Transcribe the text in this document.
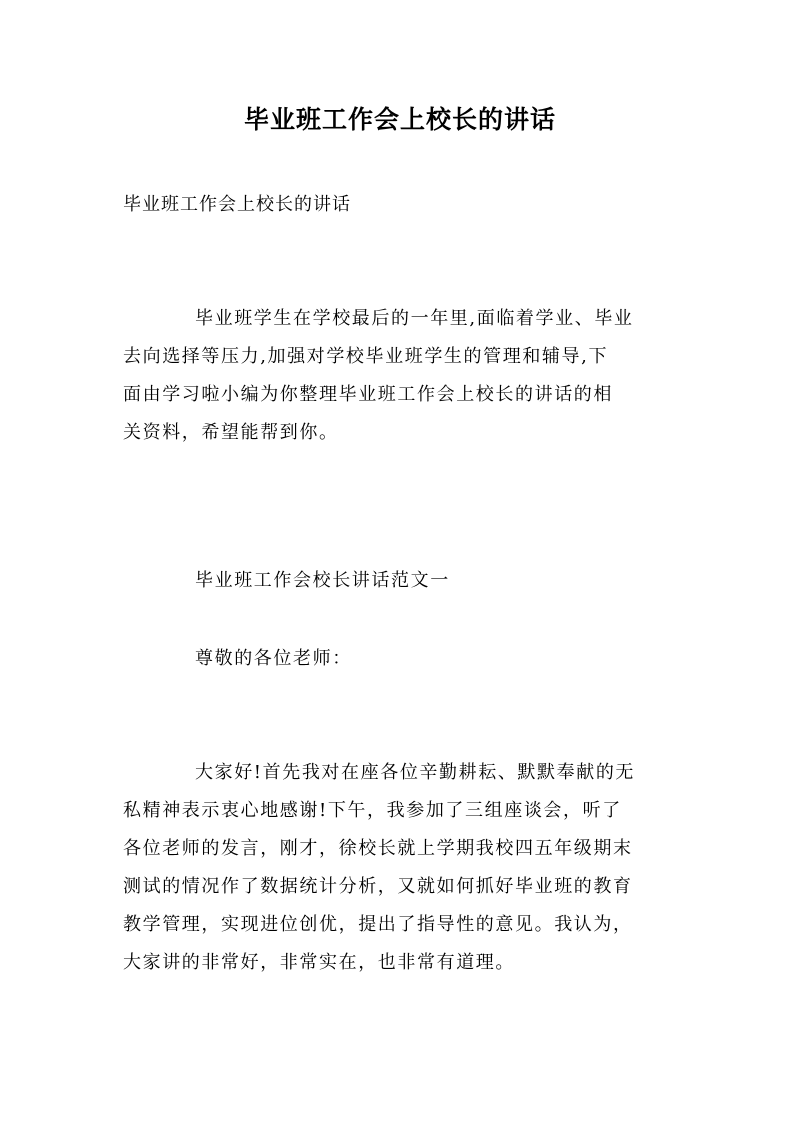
毕业班工作会上校长的讲话

毕业班工作会上校长的讲话

毕业班学生在学校最后的一年里,面临着学业、毕业
去向选择等压力,加强对学校毕业班学生的管理和辅导,下
面由学习啦小编为你整理毕业班工作会上校长的讲话的相
关资料，希望能帮到你。

毕业班工作会校长讲话范文一

尊敬的各位老师：

大家好!首先我对在座各位辛勤耕耘、默默奉献的无
私精神表示衷心地感谢!下午，我参加了三组座谈会，听了
各位老师的发言，刚才，徐校长就上学期我校四五年级期末
测试的情况作了数据统计分析，又就如何抓好毕业班的教育
教学管理，实现进位创优，提出了指导性的意见。我认为，
大家讲的非常好，非常实在，也非常有道理。
